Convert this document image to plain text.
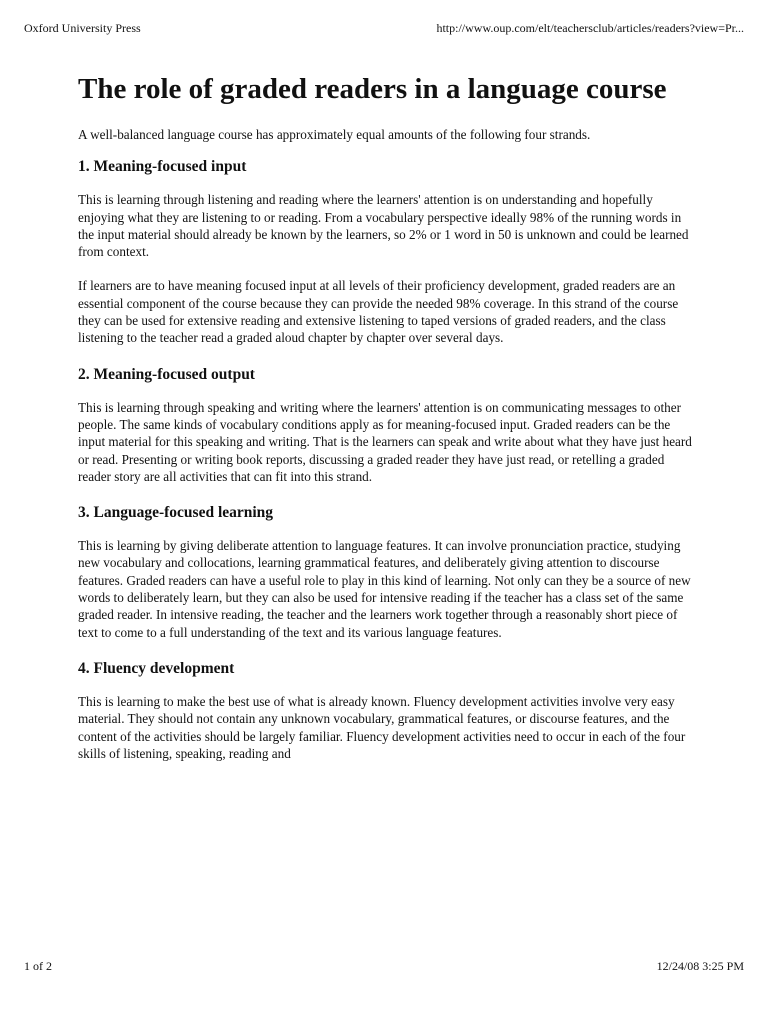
Oxford University Press	http://www.oup.com/elt/teachersclub/articles/readers?view=Pr...
The role of graded readers in a language course

A well-balanced language course has approximately equal amounts of the following four strands.

1. Meaning-focused input

This is learning through listening and reading where the learners' attention is on understanding and hopefully enjoying what they are listening to or reading. From a vocabulary perspective ideally 98% of the running words in the input material should already be known by the learners, so 2% or 1 word in 50 is unknown and could be learned from context.

If learners are to have meaning focused input at all levels of their proficiency development, graded readers are an essential component of the course because they can provide the needed 98% coverage. In this strand of the course they can be used for extensive reading and extensive listening to taped versions of graded readers, and the class listening to the teacher read a graded aloud chapter by chapter over several days.

2. Meaning-focused output

This is learning through speaking and writing where the learners' attention is on communicating messages to other people. The same kinds of vocabulary conditions apply as for meaning-focused input. Graded readers can be the input material for this speaking and writing. That is the learners can speak and write about what they have just heard or read. Presenting or writing book reports, discussing a graded reader they have just read, or retelling a graded reader story are all activities that can fit into this strand.

3. Language-focused learning

This is learning by giving deliberate attention to language features. It can involve pronunciation practice, studying new vocabulary and collocations, learning grammatical features, and deliberately giving attention to discourse features. Graded readers can have a useful role to play in this kind of learning. Not only can they be a source of new words to deliberately learn, but they can also be used for intensive reading if the teacher has a class set of the same graded reader. In intensive reading, the teacher and the learners work together through a reasonably short piece of text to come to a full understanding of the text and its various language features.

4. Fluency development

This is learning to make the best use of what is already known. Fluency development activities involve very easy material. They should not contain any unknown vocabulary, grammatical features, or discourse features, and the content of the activities should be largely familiar. Fluency development activities need to occur in each of the four skills of listening, speaking, reading and

1 of 2	12/24/08 3:25 PM
